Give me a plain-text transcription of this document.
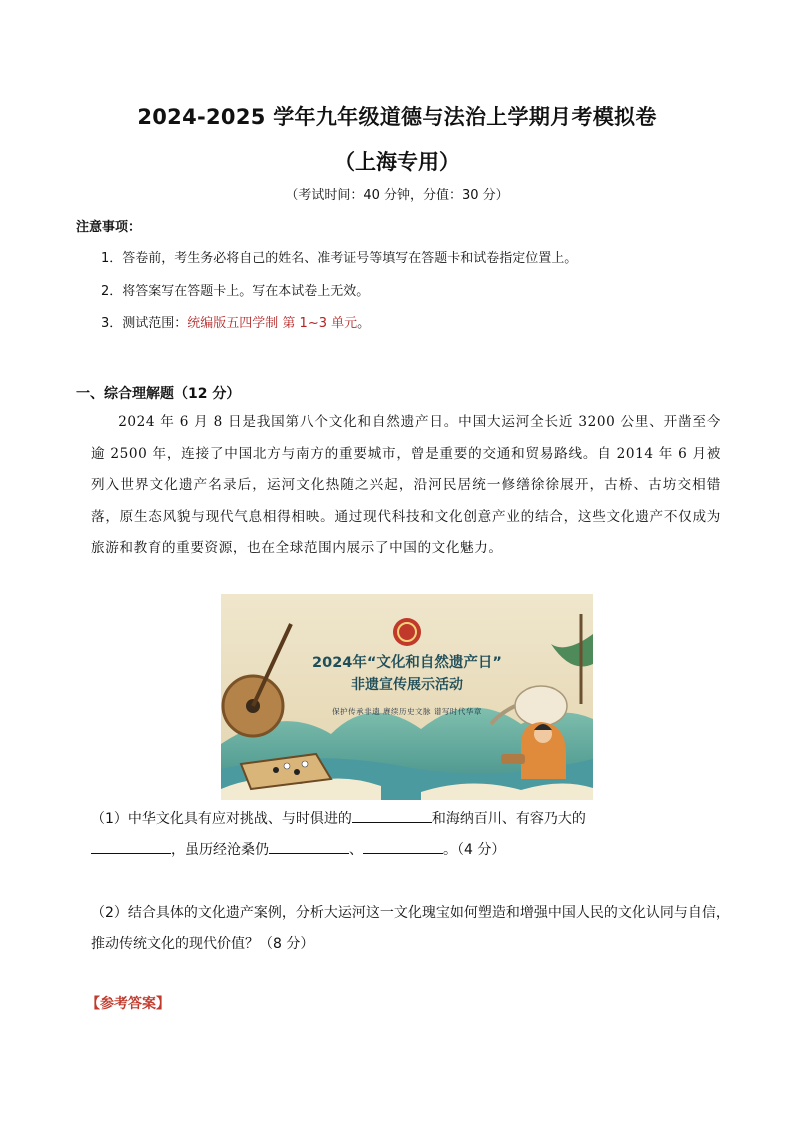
2024-2025 学年九年级道德与法治上学期月考模拟卷
（上海专用）
（考试时间：40 分钟，分值：30 分）
注意事项：
1．答卷前，考生务必将自己的姓名、准考证号等填写在答题卡和试卷指定位置上。
2．将答案写在答题卡上。写在本试卷上无效。
3．测试范围：统编版五四学制 第 1~3 单元。
一、综合理解题（12 分）
2024 年 6 月 8 日是我国第八个文化和自然遗产日。中国大运河全长近 3200 公里、开凿至今逾 2500 年，连接了中国北方与南方的重要城市，曾是重要的交通和贸易路线。自 2014 年 6 月被列入世界文化遗产名录后，运河文化热随之兴起，沿河民居统一修缮徐徐展开，古桥、古坊交相错落，原生态风貌与现代气息相得相映。通过现代科技和文化创意产业的结合，这些文化遗产不仅成为旅游和教育的重要资源，也在全球范围内展示了中国的文化魅力。
2024年“文化和自然遗产日”
非遗宣传展示活动
保护传承非遗 赓续历史文脉 谱写时代华章
（1）中华文化具有应对挑战、与时俱进的	和海纳百川、有容乃大的
，虽历经沧桑仍	、	。（4 分）
（2）结合具体的文化遗产案例，分析大运河这一文化瑰宝如何塑造和增强中国人民的文化认同与自信，推动传统文化的现代价值？（8 分）
【参考答案】
